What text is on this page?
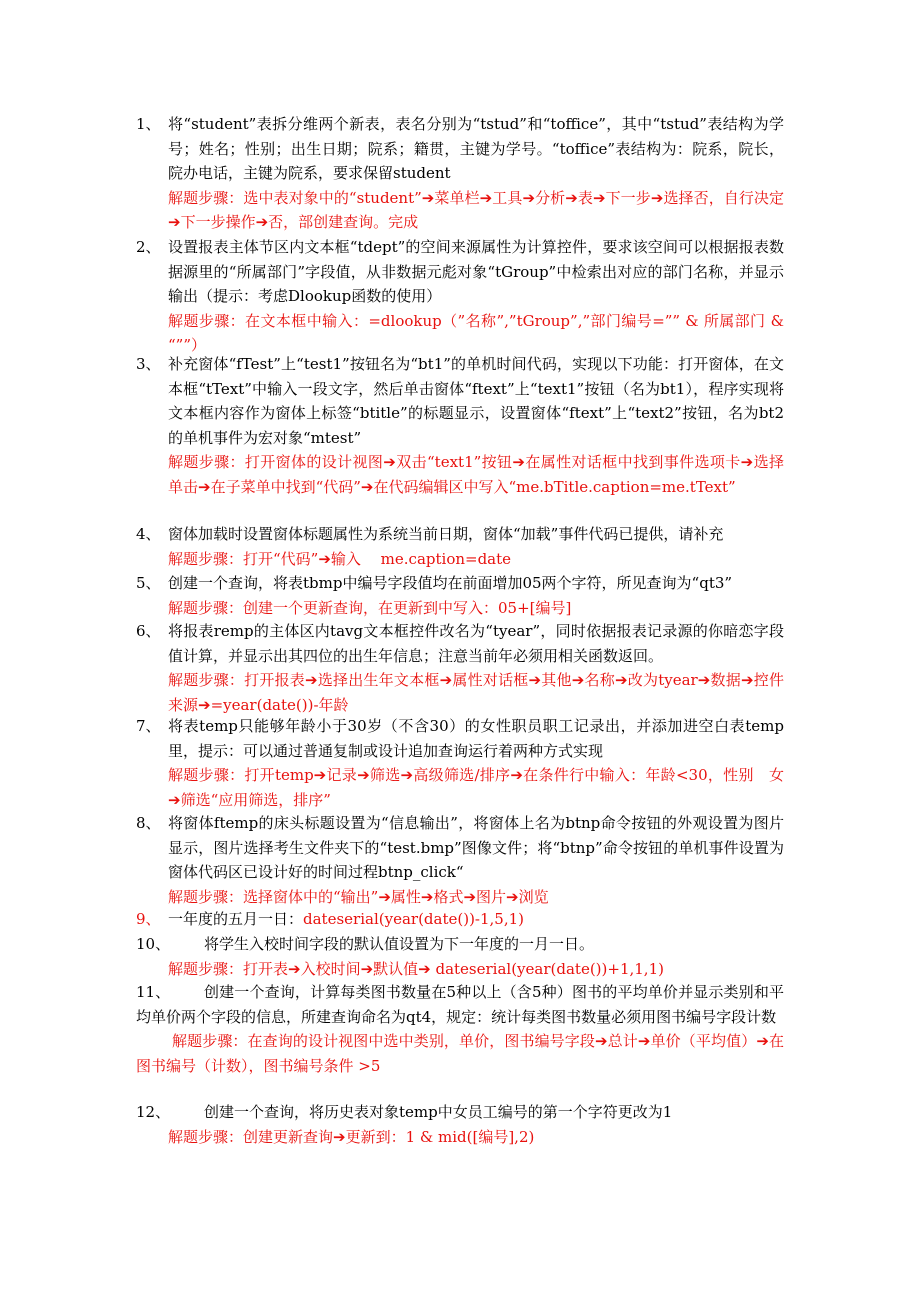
1、 将“student”表拆分维两个新表，表名分别为“tstud”和“toffice”，其中“tstud”表结构为学号；姓名；性别；出生日期；院系；籍贯，主键为学号。“toffice”表结构为：院系，院长，院办电话，主键为院系，要求保留student
解题步骤：选中表对象中的“student”➔菜单栏➔工具➔分析➔表➔下一步➔选择否，自行决定➔下一步操作➔否，部创建查询。完成
2、 设置报表主体节区内文本框“tdept”的空间来源属性为计算控件，要求该空间可以根据报表数据源里的“所属部门”字段值，从非数据元彪对象“tGroup”中检索出对应的部门名称，并显示输出（提示：考虑Dlookup函数的使用）
解题步骤：在文本框中输入：=dlookup（”名称”,”tGroup”,”部门编号=”” & 所属部门 & “””）
3、 补充窗体“fTest”上“test1”按钮名为“bt1”的单机时间代码，实现以下功能：打开窗体，在文本框“tText”中输入一段文字，然后单击窗体“ftext”上“text1”按钮（名为bt1），程序实现将文本框内容作为窗体上标签“btitle”的标题显示，设置窗体“ftext”上“text2”按钮，名为bt2的单机事件为宏对象“mtest”
解题步骤：打开窗体的设计视图➔双击“text1”按钮➔在属性对话框中找到事件选项卡➔选择单击➔在子菜单中找到“代码”➔在代码编辑区中写入“me.bTitle.caption=me.tText”
4、 窗体加载时设置窗体标题属性为系统当前日期，窗体“加载”事件代码已提供，请补充
解题步骤：打开“代码”➔输入　 me.caption=date
5、 创建一个查询，将表tbmp中编号字段值均在前面增加05两个字符，所见查询为“qt3”
解题步骤：创建一个更新查询，在更新到中写入：05+[编号]
6、 将报表remp的主体区内tavg文本框控件改名为“tyear”，同时依据报表记录源的你暗恋字段值计算，并显示出其四位的出生年信息；注意当前年必须用相关函数返回。
解题步骤：打开报表➔选择出生年文本框➔属性对话框➔其他➔名称➔改为tyear➔数据➔控件来源➔=year(date())-年龄
7、 将表temp只能够年龄小于30岁（不含30）的女性职员职工记录出，并添加进空白表temp里，提示：可以通过普通复制或设计追加查询运行着两种方式实现
解题步骤：打开temp➔记录➔筛选➔高级筛选/排序➔在条件行中输入：年龄<30，性别　女➔筛选“应用筛选，排序”
8、 将窗体ftemp的床头标题设置为“信息输出”，将窗体上名为btnp命令按钮的外观设置为图片显示，图片选择考生文件夹下的“test.bmp”图像文件；将“btnp”命令按钮的单机事件设置为窗体代码区已设计好的时间过程btnp_click“
解题步骤：选择窗体中的“输出”➔属性➔格式➔图片➔浏览
9、 一年度的五月一日：dateserial(year(date())-1,5,1)
10、	将学生入校时间字段的默认值设置为下一年度的一月一日。
解题步骤：打开表➔入校时间➔默认值➔ dateserial(year(date())+1,1,1)
11、	创建一个查询，计算每类图书数量在5种以上（含5种）图书的平均单价并显示类别和平均单价两个字段的信息，所建查询命名为qt4，规定：统计每类图书数量必须用图书编号字段计数
解题步骤：在查询的设计视图中选中类别，单价，图书编号字段➔总计➔单价（平均值）➔在图书编号（计数），图书编号条件 >5
12、	创建一个查询，将历史表对象temp中女员工编号的第一个字符更改为1
解题步骤：创建更新查询➔更新到：1 & mid([编号],2)
